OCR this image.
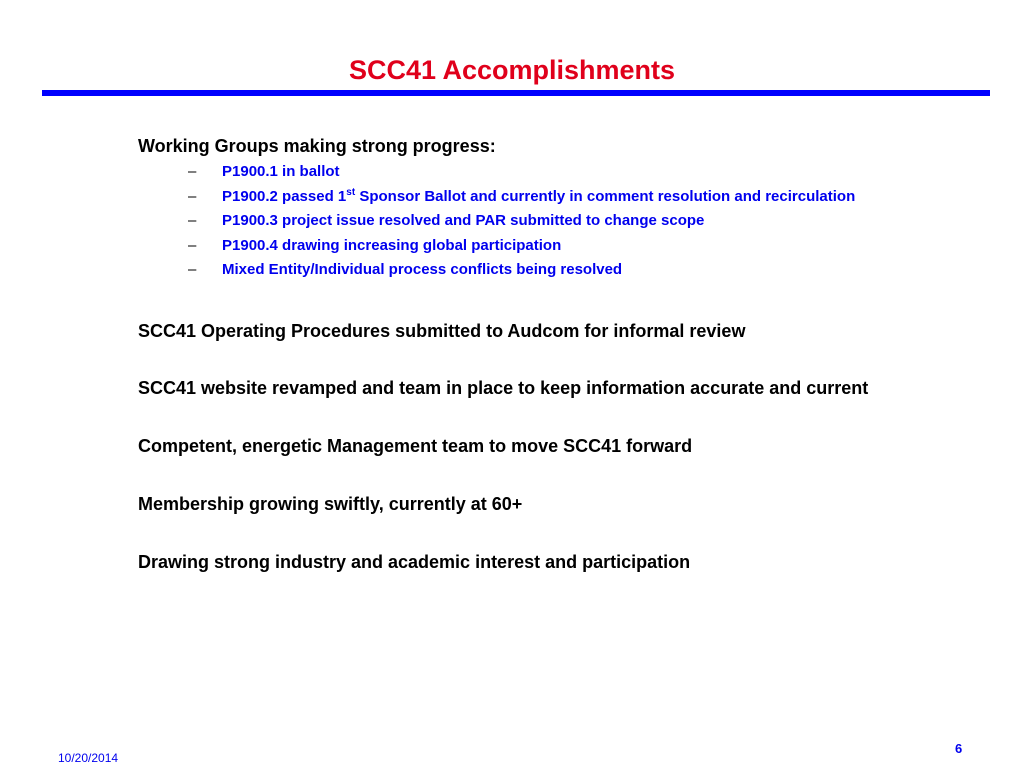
SCC41 Accomplishments
Working Groups making strong progress:
– P1900.1 in ballot
– P1900.2 passed 1st Sponsor Ballot and currently in comment resolution and recirculation
– P1900.3 project issue resolved and PAR submitted to change scope
– P1900.4 drawing increasing global participation
– Mixed Entity/Individual process conflicts being resolved
SCC41 Operating Procedures submitted to Audcom for informal review
SCC41 website revamped and team in place to keep information accurate and current
Competent, energetic Management team to move SCC41 forward
Membership growing swiftly, currently at 60+
Drawing strong industry and academic interest and participation
10/20/2014
6
